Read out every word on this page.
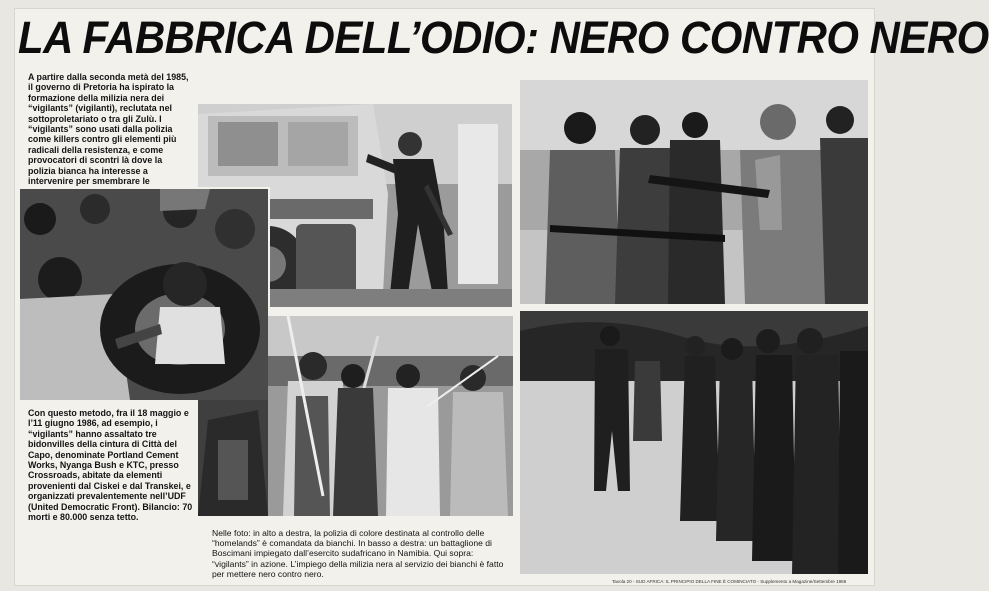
LA FABBRICA DELL’ODIO: NERO CONTRO NERO
A partire dalla seconda metà del 1985, il governo di Pretoria ha ispirato la formazione della milizia nera dei “vigilants” (vigilanti), reclutata nel sottoproletariato o tra gli Zulù. I “vigilants” sono usati dalla polizia come killers contro gli elementi più radicali della resistenza, e come provocatori di scontri là dove la polizia bianca ha interesse a intervenire per smembrare le
Con questo metodo, fra il 18 maggio e l’11 giugno 1986, ad esempio, i “vigilants” hanno assaltato tre bidonvilles della cintura di Città del Capo, denominate Portland Cement Works, Nyanga Bush e KTC, presso Crossroads, abitate da elementi provenienti dal Ciskei e dal Transkei, e organizzati prevalentemente nell’UDF (United Democratic Front). Bilancio: 70 morti e 80.000 senza tetto.
Nelle foto: in alto a destra, la polizia di colore destinata al controllo delle “homelands” è comandata da bianchi. In basso a destra: un battaglione di Boscimani impiegato dall’esercito sudafricano in Namibia. Qui sopra: “vigilants” in azione. L’impiego della milizia nera al servizio dei bianchi è fatto per mettere nero contro nero.
Tavola 20 - SUD AFRICA: IL PRINCIPIO DELLA FINE È COMINCIATO - Supplemento a Magazine/Settembre 1986
